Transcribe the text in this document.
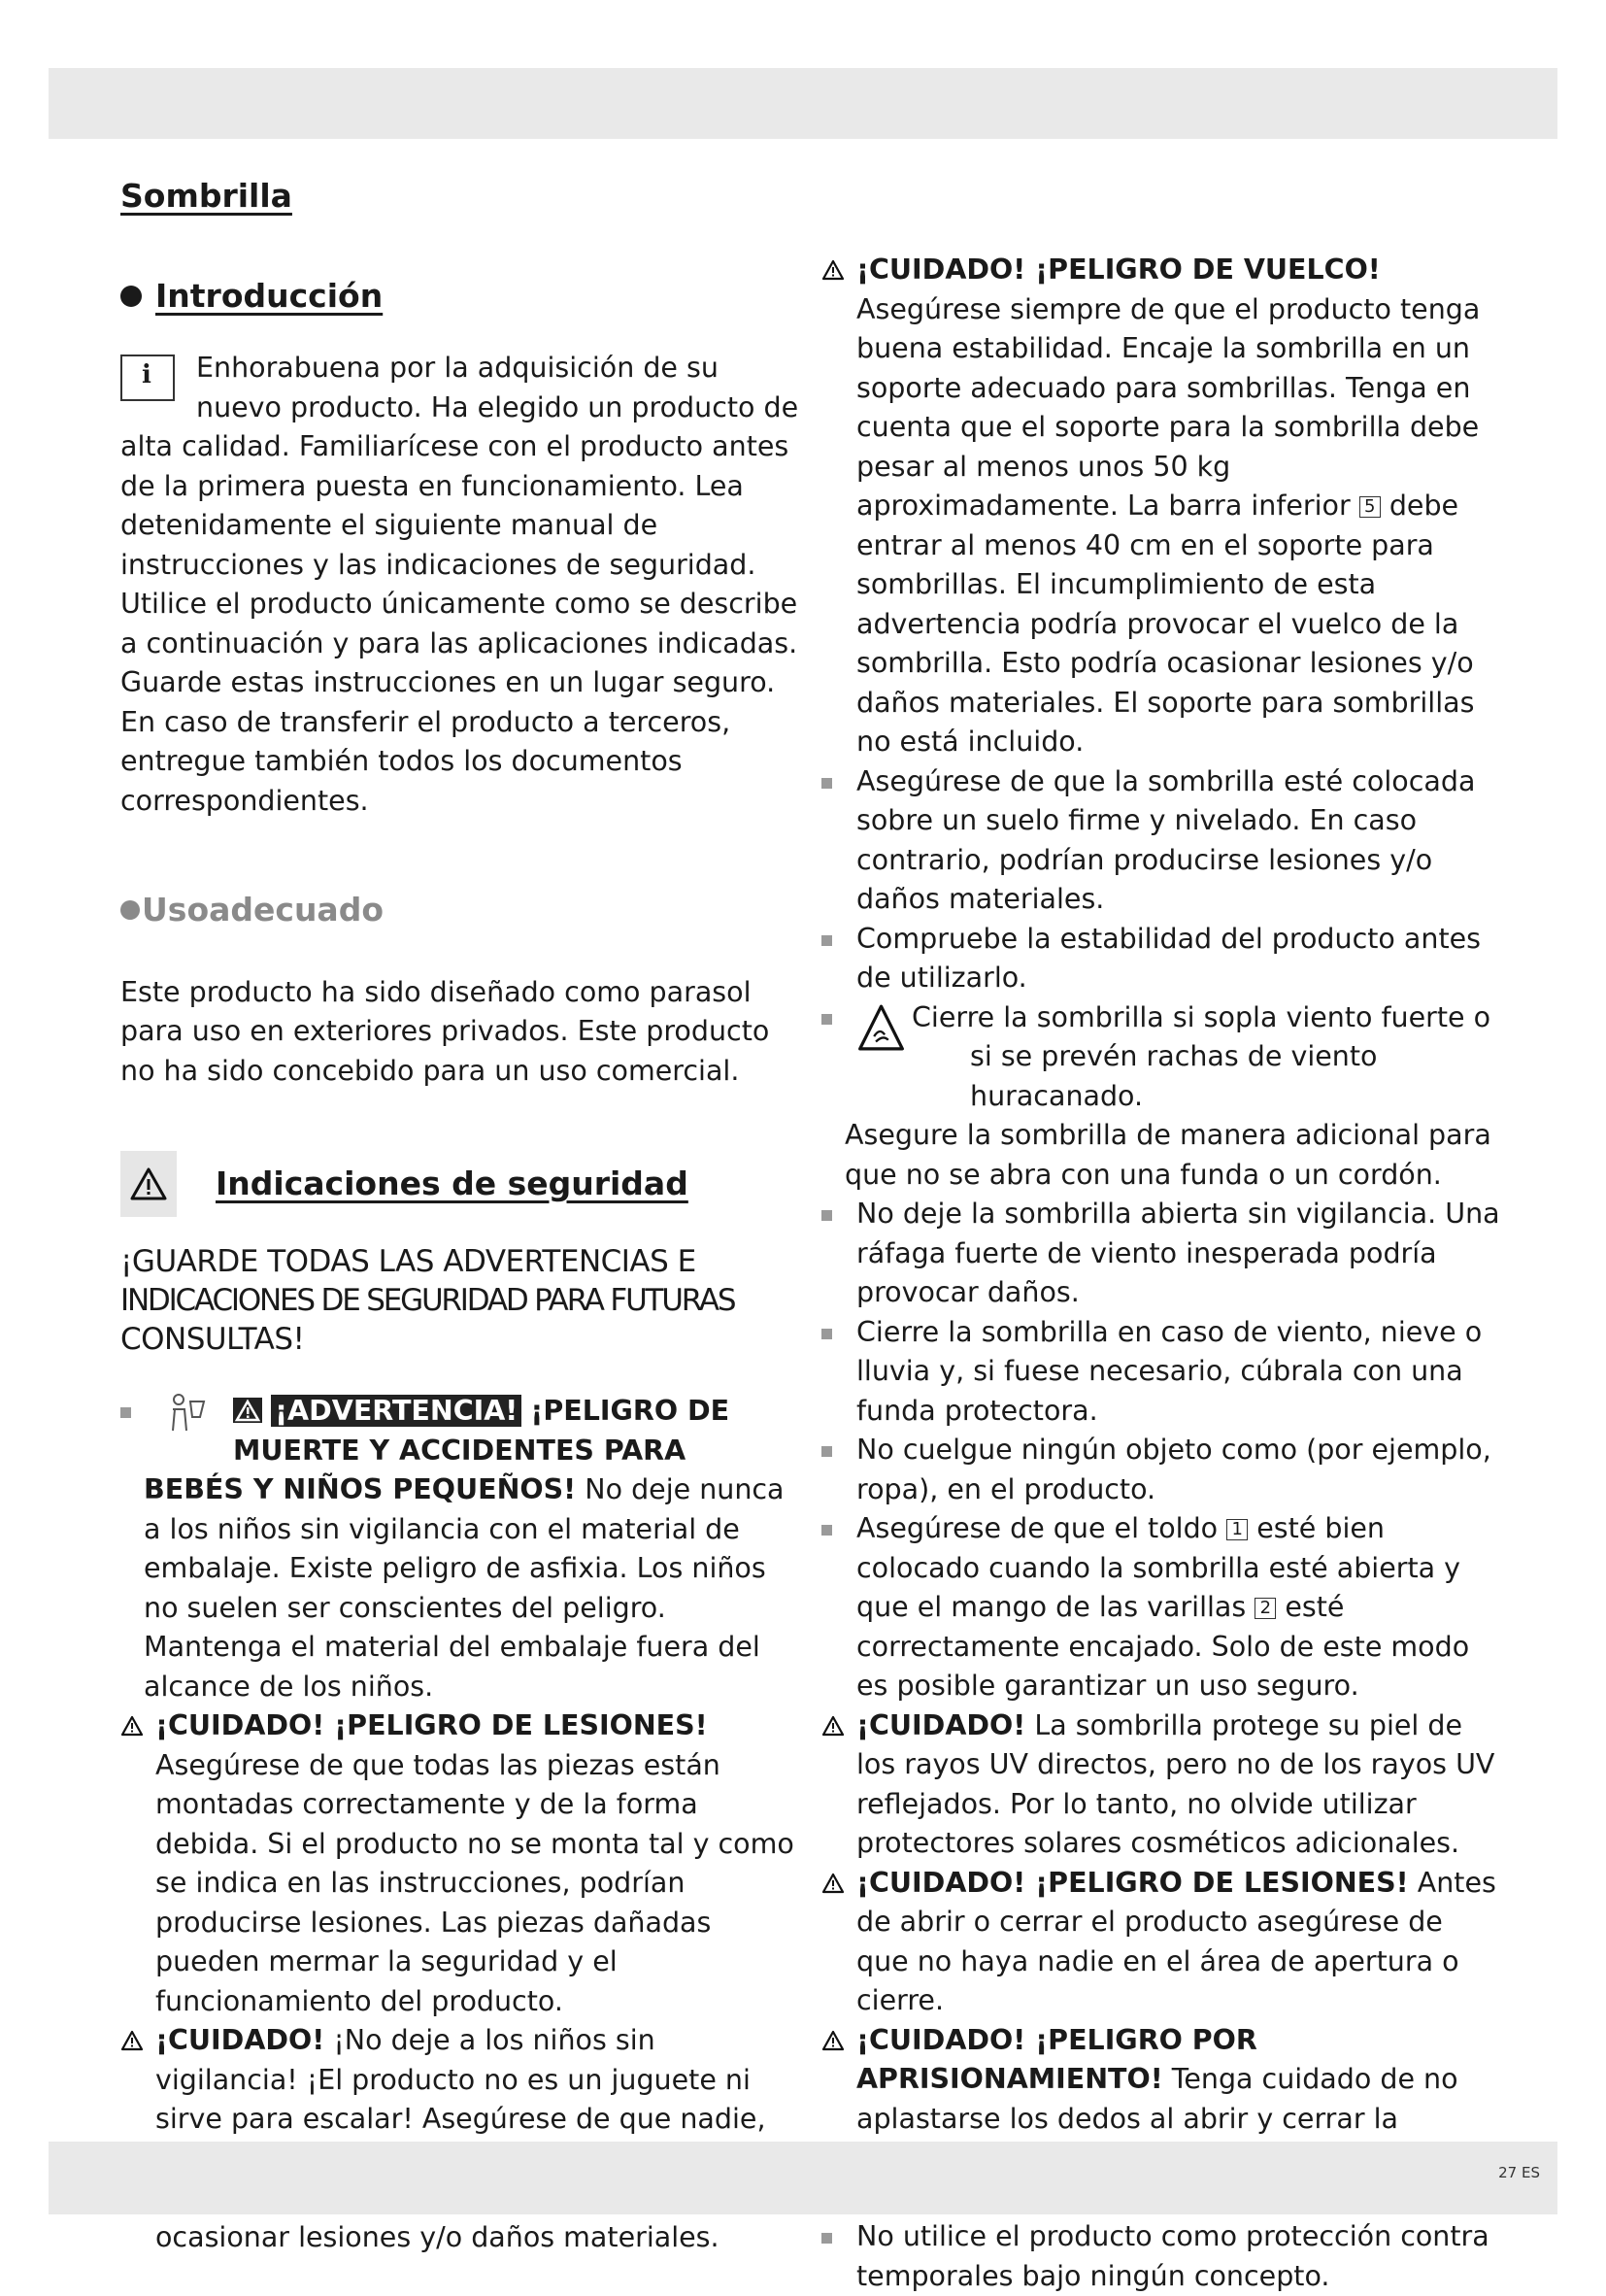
Sombrilla
Introducción
i	Enhorabuena por la adquisición de su nuevo producto. Ha elegido un producto de alta calidad. Familiarícese con el producto antes de la primera puesta en funcionamiento. Lea detenidamente el siguiente manual de instrucciones y las indicaciones de seguridad. Utilice el producto únicamente como se describe a continuación y para las aplicaciones indicadas. Guarde estas instrucciones en un lugar seguro. En caso de transferir el producto a terceros, entregue también todos los documentos correspondientes.

Usoadecuado

Este producto ha sido diseñado como parasol para uso en exteriores privados. Este producto no ha sido concebido para un uso comercial.

Indicaciones de seguridad
¡GUARDE TODAS LAS ADVERTENCIAS E
INDICACIONES DE SEGURIDAD PARA FUTURAS
CONSULTAS!
¡ADVERTENCIA! ¡PELIGRO DE
MUERTE Y ACCIDENTES PARA

BEBÉS Y NIÑOS PEQUEÑOS! No deje nunca a los niños sin vigilancia con el material de embalaje. Existe peligro de asfixia. Los niños no suelen ser conscientes del peligro. Mantenga el material del embalaje fuera del alcance de los niños.

¡CUIDADO! ¡PELIGRO DE LESIONES! Asegúrese de que todas las piezas están montadas correctamente y de la forma debida. Si el producto no se monta tal y como se indica en las instrucciones, podrían producirse lesiones. Las piezas dañadas pueden mermar la seguridad y el funcionamiento del producto.

¡CUIDADO! ¡No deje a los niños sin vigilancia! ¡El producto no es un juguete ni sirve para escalar! Asegúrese de que nadie, ocasionar lesiones y/o daños materiales.

¡CUIDADO! ¡PELIGRO DE VUELCO! Asegúrese siempre de que el producto tenga buena estabilidad. Encaje la sombrilla en un soporte adecuado para sombrillas. Tenga en cuenta que el soporte para la sombrilla debe pesar al menos unos 50 kg aproximadamente. La barra inferior 5 debe entrar al menos 40 cm en el soporte para sombrillas. El incumplimiento de esta advertencia podría provocar el vuelco de la sombrilla. Esto podría ocasionar lesiones y/o daños materiales. El soporte para sombrillas no está incluido.

Asegúrese de que la sombrilla esté colocada sobre un suelo firme y nivelado. En caso contrario, podrían producirse lesiones y/o daños materiales.
Compruebe la estabilidad del producto antes de utilizarlo.
Cierre la sombrilla si sopla viento fuerte o
si se prevén rachas de viento huracanado.

Asegure la sombrilla de manera adicional para que no se abra con una funda o un cordón.

No deje la sombrilla abierta sin vigilancia. Una ráfaga fuerte de viento inesperada podría provocar daños.
Cierre la sombrilla en caso de viento, nieve o lluvia y, si fuese necesario, cúbrala con una funda protectora.
No cuelgue ningún objeto como (por ejemplo, ropa), en el producto.
Asegúrese de que el toldo 1 esté bien colocado cuando la sombrilla esté abierta y que el mango de las varillas 2 esté correctamente encajado. Solo de este modo es posible garantizar un uso seguro.

¡CUIDADO! La sombrilla protege su piel de los rayos UV directos, pero no de los rayos UV reflejados. Por lo tanto, no olvide utilizar protectores solares cosméticos adicionales.

¡CUIDADO! ¡PELIGRO DE LESIONES! Antes de abrir o cerrar el producto asegúrese de que no haya nadie en el área de apertura o cierre.

¡CUIDADO! ¡PELIGRO POR APRISIONAMIENTO! Tenga cuidado de no aplastarse los dedos al abrir y cerrar la

No utilice el producto como protección contra temporales bajo ningún concepto.
27 ES
